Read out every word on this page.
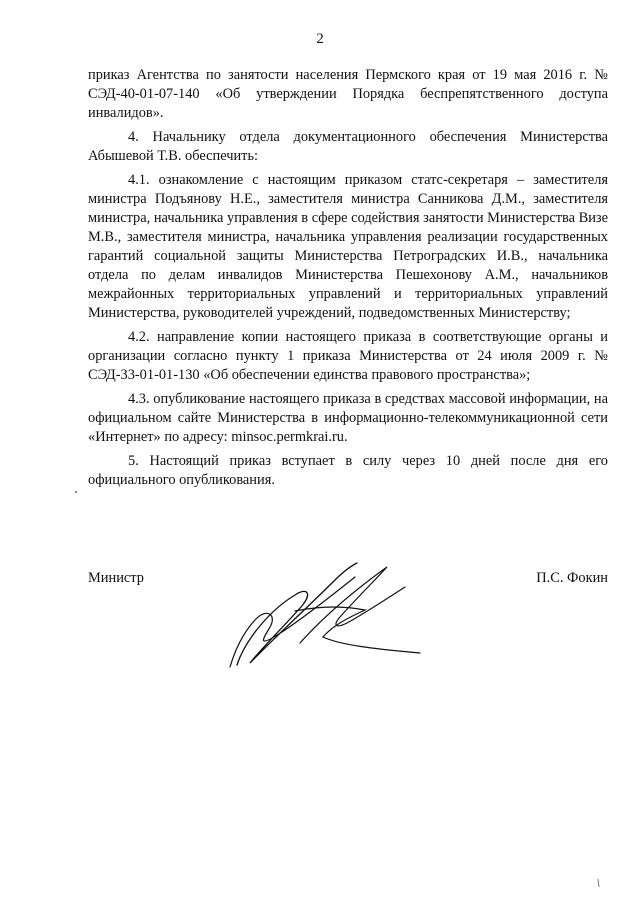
2

приказ Агентства по занятости населения Пермского края от 19 мая 2016 г. № СЭД-40-01-07-140 «Об утверждении Порядка беспрепятственного доступа инвалидов».

4. Начальнику отдела документационного обеспечения Министерства Абышевой Т.В. обеспечить:

4.1. ознакомление с настоящим приказом статс-секретаря – заместителя министра Подъянову Н.Е., заместителя министра Санникова Д.М., заместителя министра, начальника управления в сфере содействия занятости Министерства Визе М.В., заместителя министра, начальника управления реализации государственных гарантий социальной защиты Министерства Петроградских И.В., начальника отдела по делам инвалидов Министерства Пешехонову А.М., начальников межрайонных территориальных управлений и территориальных управлений Министерства, руководителей учреждений, подведомственных Министерству;

4.2. направление копии настоящего приказа в соответствующие органы и организации согласно пункту 1 приказа Министерства от 24 июля 2009 г. № СЭД-33-01-01-130 «Об обеспечении единства правового пространства»;

4.3. опубликование настоящего приказа в средствах массовой информации, на официальном сайте Министерства в информационно-телекоммуникационной сети «Интернет» по адресу: minsoc.permkrai.ru.

5. Настоящий приказ вступает в силу через 10 дней после дня его официального опубликования.

Министр	П.С. Фокин
